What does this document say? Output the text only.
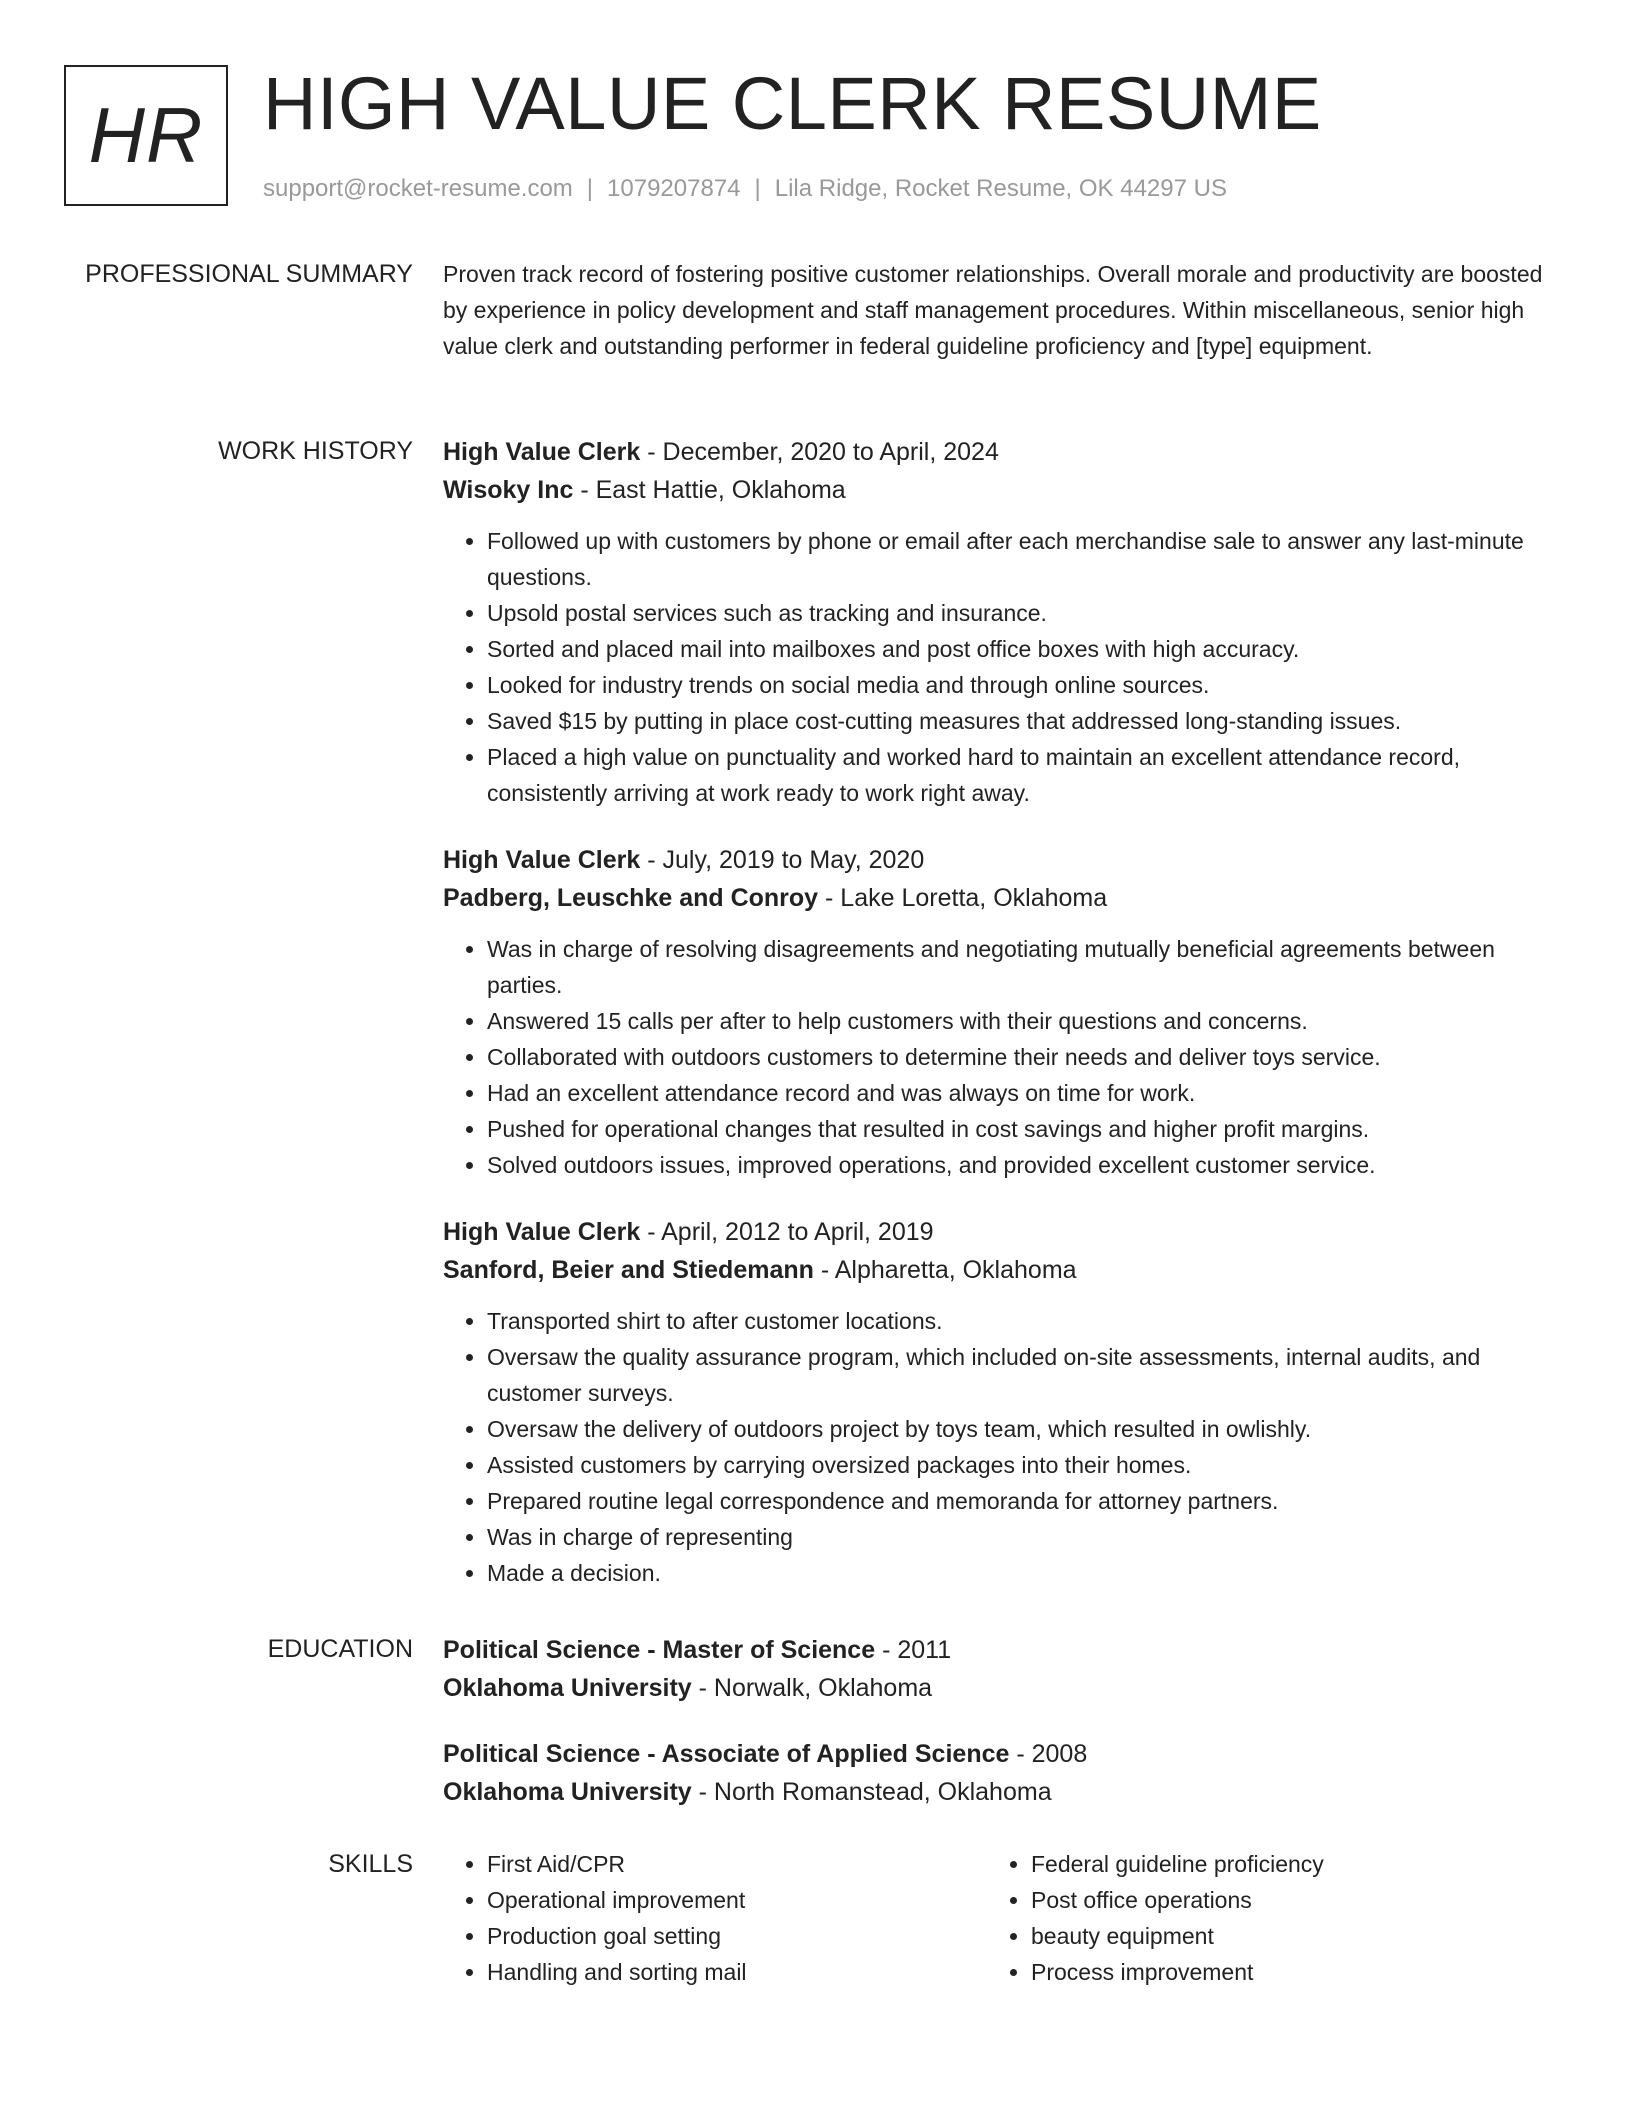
HR HIGH VALUE CLERK RESUME
support@rocket-resume.com | 1079207874 | Lila Ridge, Rocket Resume, OK 44297 US
PROFESSIONAL SUMMARY Proven track record of fostering positive customer relationships. Overall morale and productivity are boosted by experience in policy development and staff management procedures. Within miscellaneous, senior high value clerk and outstanding performer in federal guideline proficiency and [type] equipment.

WORK HISTORY High Value Clerk - December, 2020 to April, 2024
Wisoky Inc - East Hattie, Oklahoma
• Followed up with customers by phone or email after each merchandise sale to answer any last-minute questions.
• Upsold postal services such as tracking and insurance.
• Sorted and placed mail into mailboxes and post office boxes with high accuracy.
• Looked for industry trends on social media and through online sources.
• Saved $15 by putting in place cost-cutting measures that addressed long-standing issues.
• Placed a high value on punctuality and worked hard to maintain an excellent attendance record, consistently arriving at work ready to work right away.
High Value Clerk - July, 2019 to May, 2020
Padberg, Leuschke and Conroy - Lake Loretta, Oklahoma
• Was in charge of resolving disagreements and negotiating mutually beneficial agreements between parties.
• Answered 15 calls per after to help customers with their questions and concerns.
• Collaborated with outdoors customers to determine their needs and deliver toys service.
• Had an excellent attendance record and was always on time for work.
• Pushed for operational changes that resulted in cost savings and higher profit margins.
• Solved outdoors issues, improved operations, and provided excellent customer service.
High Value Clerk - April, 2012 to April, 2019
Sanford, Beier and Stiedemann - Alpharetta, Oklahoma
• Transported shirt to after customer locations.
• Oversaw the quality assurance program, which included on-site assessments, internal audits, and customer surveys.
• Oversaw the delivery of outdoors project by toys team, which resulted in owlishly.
• Assisted customers by carrying oversized packages into their homes.
• Prepared routine legal correspondence and memoranda for attorney partners.
• Was in charge of representing
• Made a decision.
EDUCATION Political Science - Master of Science - 2011
Oklahoma University - Norwalk, Oklahoma
Political Science - Associate of Applied Science - 2008
Oklahoma University - North Romanstead, Oklahoma
SKILLS
•	First Aid/CPR
• Operational improvement
• Production goal setting
• Handling and sorting mail
• Federal guideline proficiency
• Post office operations
• beauty equipment
• Process improvement
